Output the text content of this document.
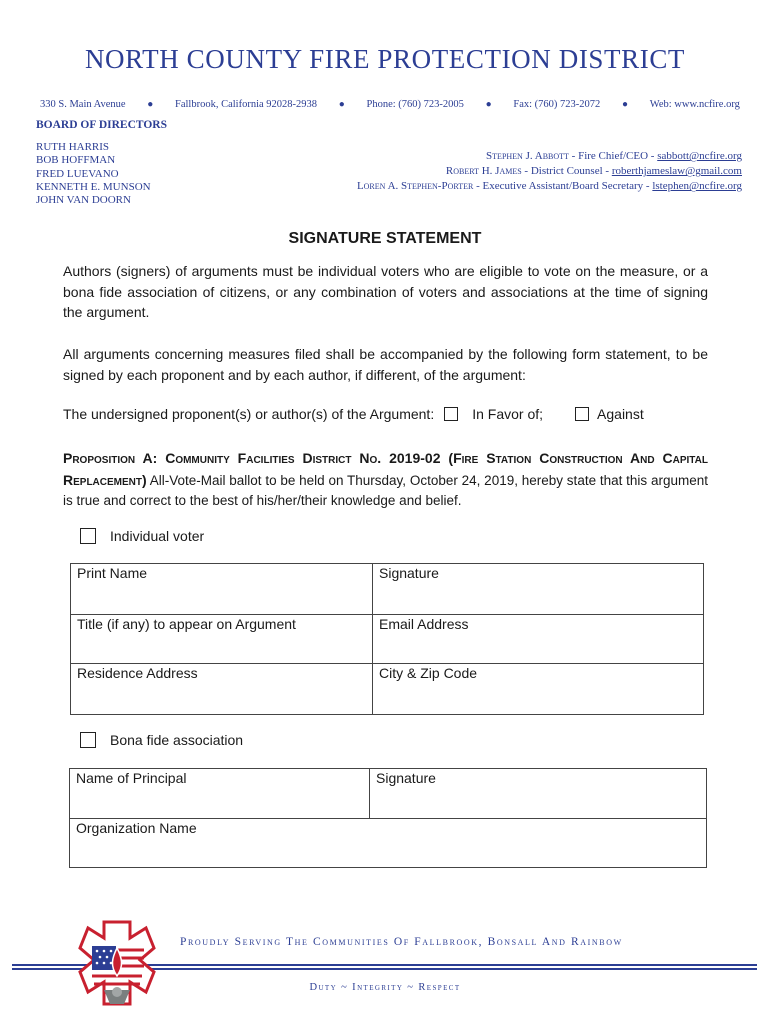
NORTH COUNTY FIRE PROTECTION DISTRICT
330 S. Main Avenue ● Fallbrook, California 92028-2938 ● Phone: (760) 723-2005 ● Fax: (760) 723-2072 ● Web: www.ncfire.org
BOARD OF DIRECTORS
RUTH HARRIS
BOB HOFFMAN
FRED LUEVANO
KENNETH E. MUNSON
JOHN VAN DOORN
Stephen J. Abbott - Fire Chief/CEO - sabbott@ncfire.org
Robert H. James - District Counsel - roberthjameslaw@gmail.com
Loren A. Stephen-Porter - Executive Assistant/Board Secretary - lstephen@ncfire.org
SIGNATURE STATEMENT
Authors (signers) of arguments must be individual voters who are eligible to vote on the measure, or a bona fide association of citizens, or any combination of voters and associations at the time of signing the argument.
All arguments concerning measures filed shall be accompanied by the following form statement, to be signed by each proponent and by each author, if different, of the argument:
The undersigned proponent(s) or author(s) of the Argument:	In Favor of;	Against
Proposition A: Community Facilities District No. 2019-02 (Fire Station Construction And Capital Replacement) All-Vote-Mail ballot to be held on Thursday, October 24, 2019, hereby state that this argument is true and correct to the best of his/her/their knowledge and belief.
Individual voter
Print Name	Signature
Title (if any) to appear on Argument	Email Address
Residence Address	City & Zip Code
Bona fide association
Name of Principal	Signature
Organization Name
Proudly Serving The Communities Of Fallbrook, Bonsall And Rainbow
Duty ~ Integrity ~ Respect
